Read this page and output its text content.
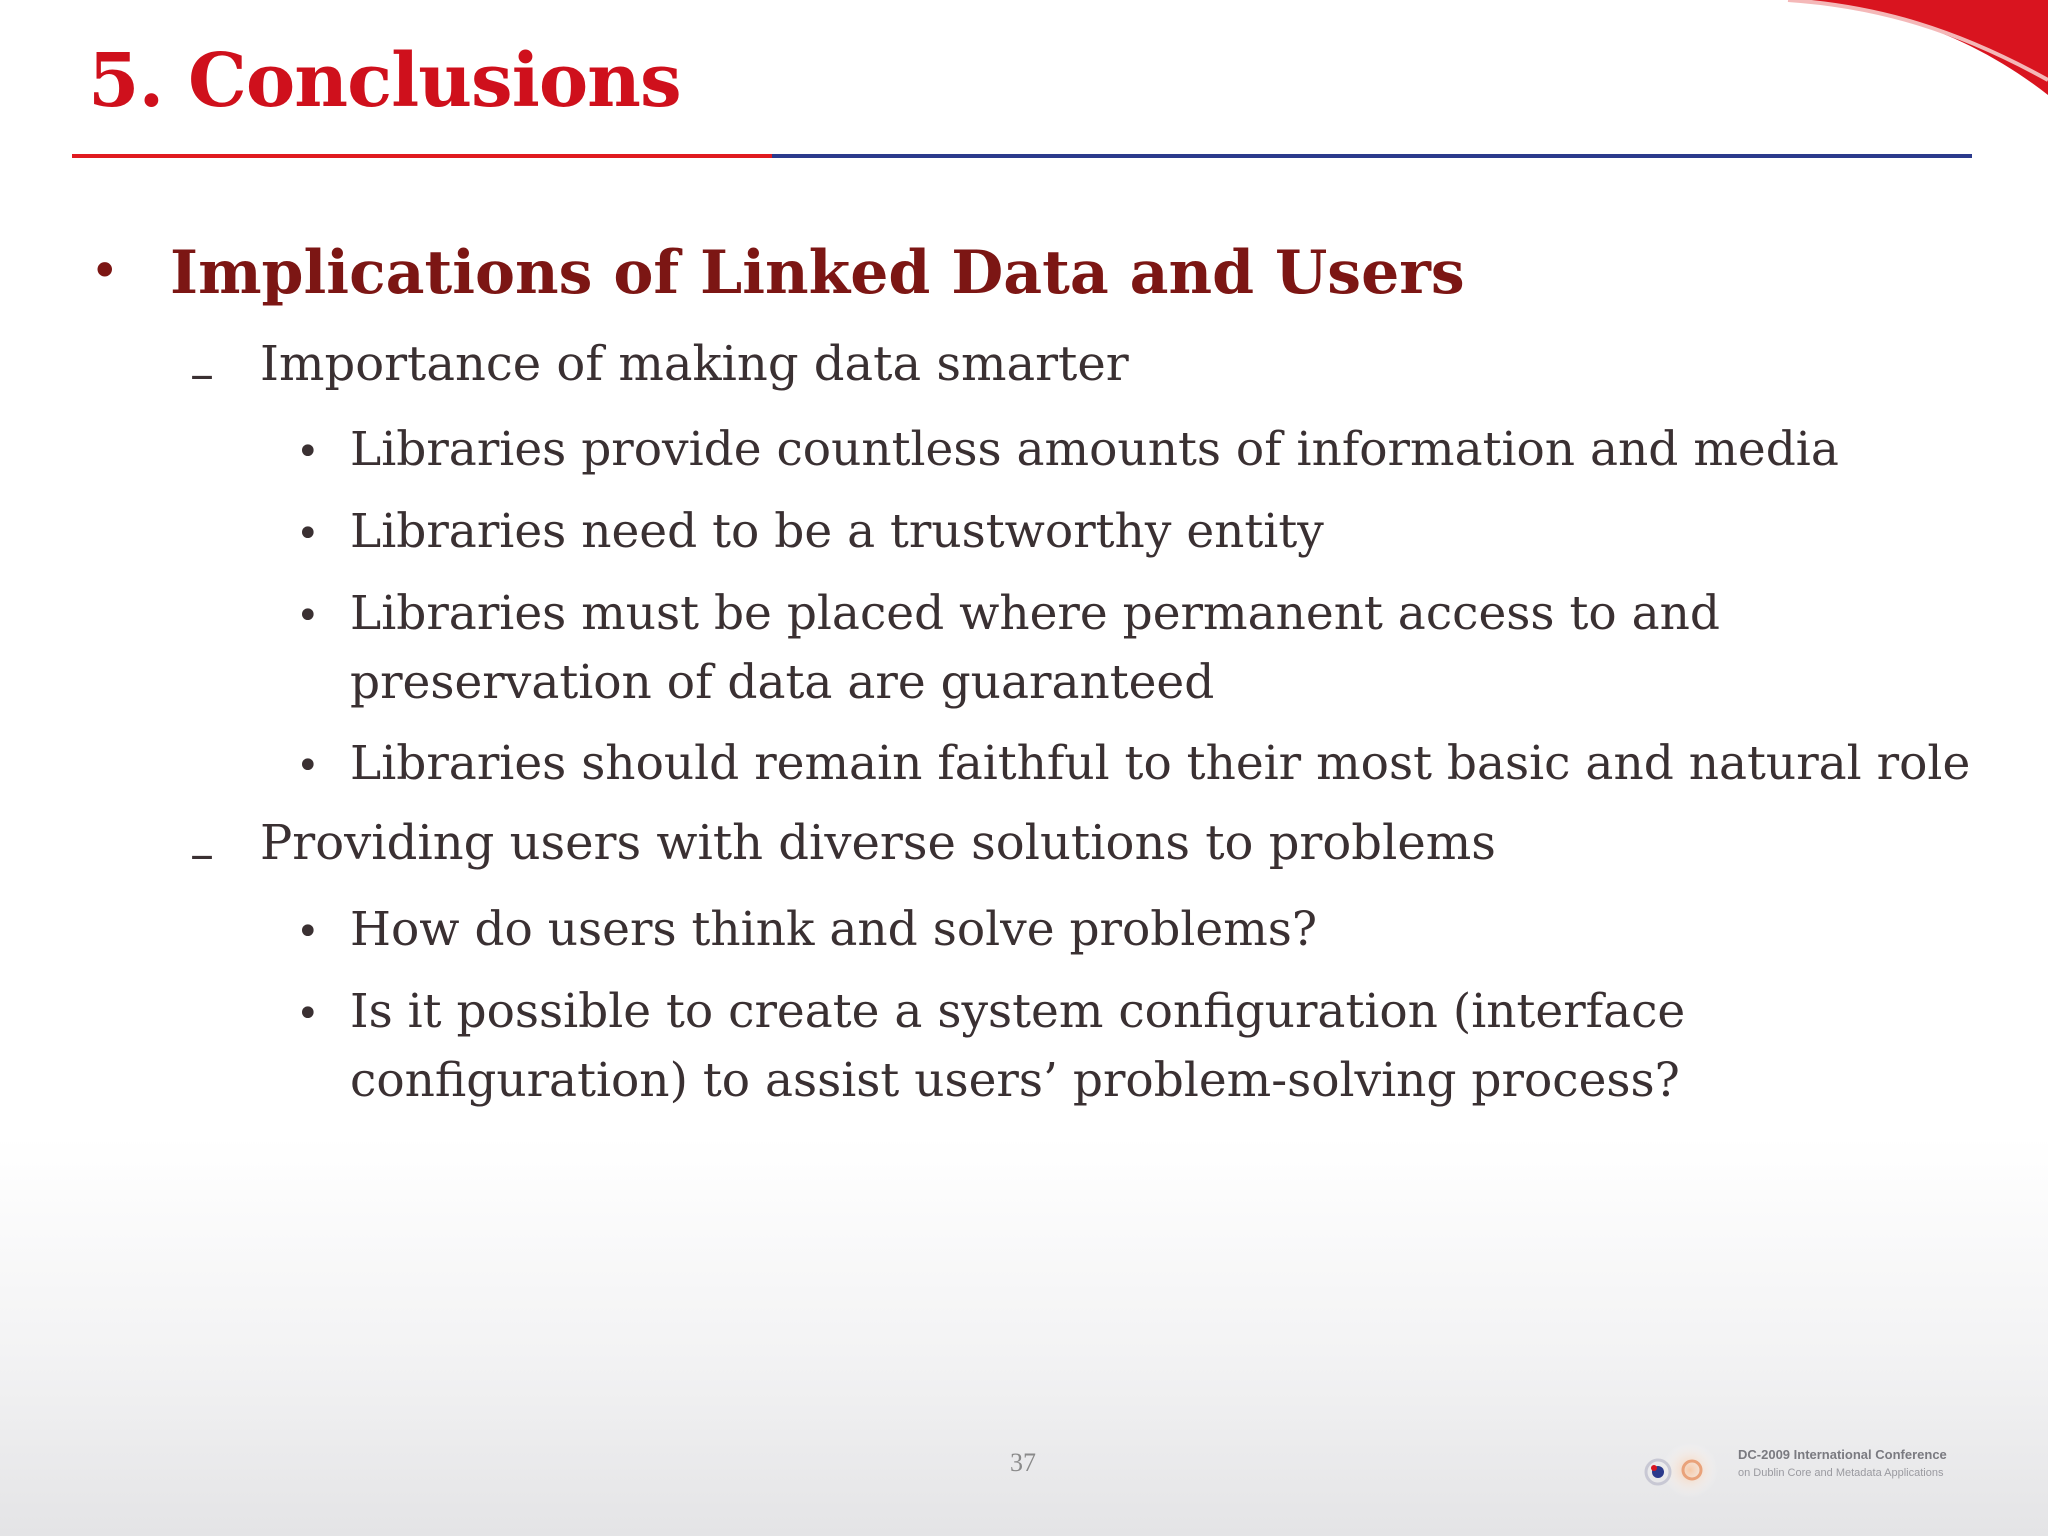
5. Conclusions
• Implications of Linked Data and Users
– Importance of making data smarter
• Libraries provide countless amounts of information and media
• Libraries need to be a trustworthy entity
• Libraries must be placed where permanent access to and
preservation of data are guaranteed
• Libraries should remain faithful to their most basic and natural role
– Providing users with diverse solutions to problems
• How do users think and solve problems?
• Is it possible to create a system configuration (interface
configuration) to assist users’ problem-solving process?
37	DC-2009 International Conference
on Dublin Core and Metadata Applications
